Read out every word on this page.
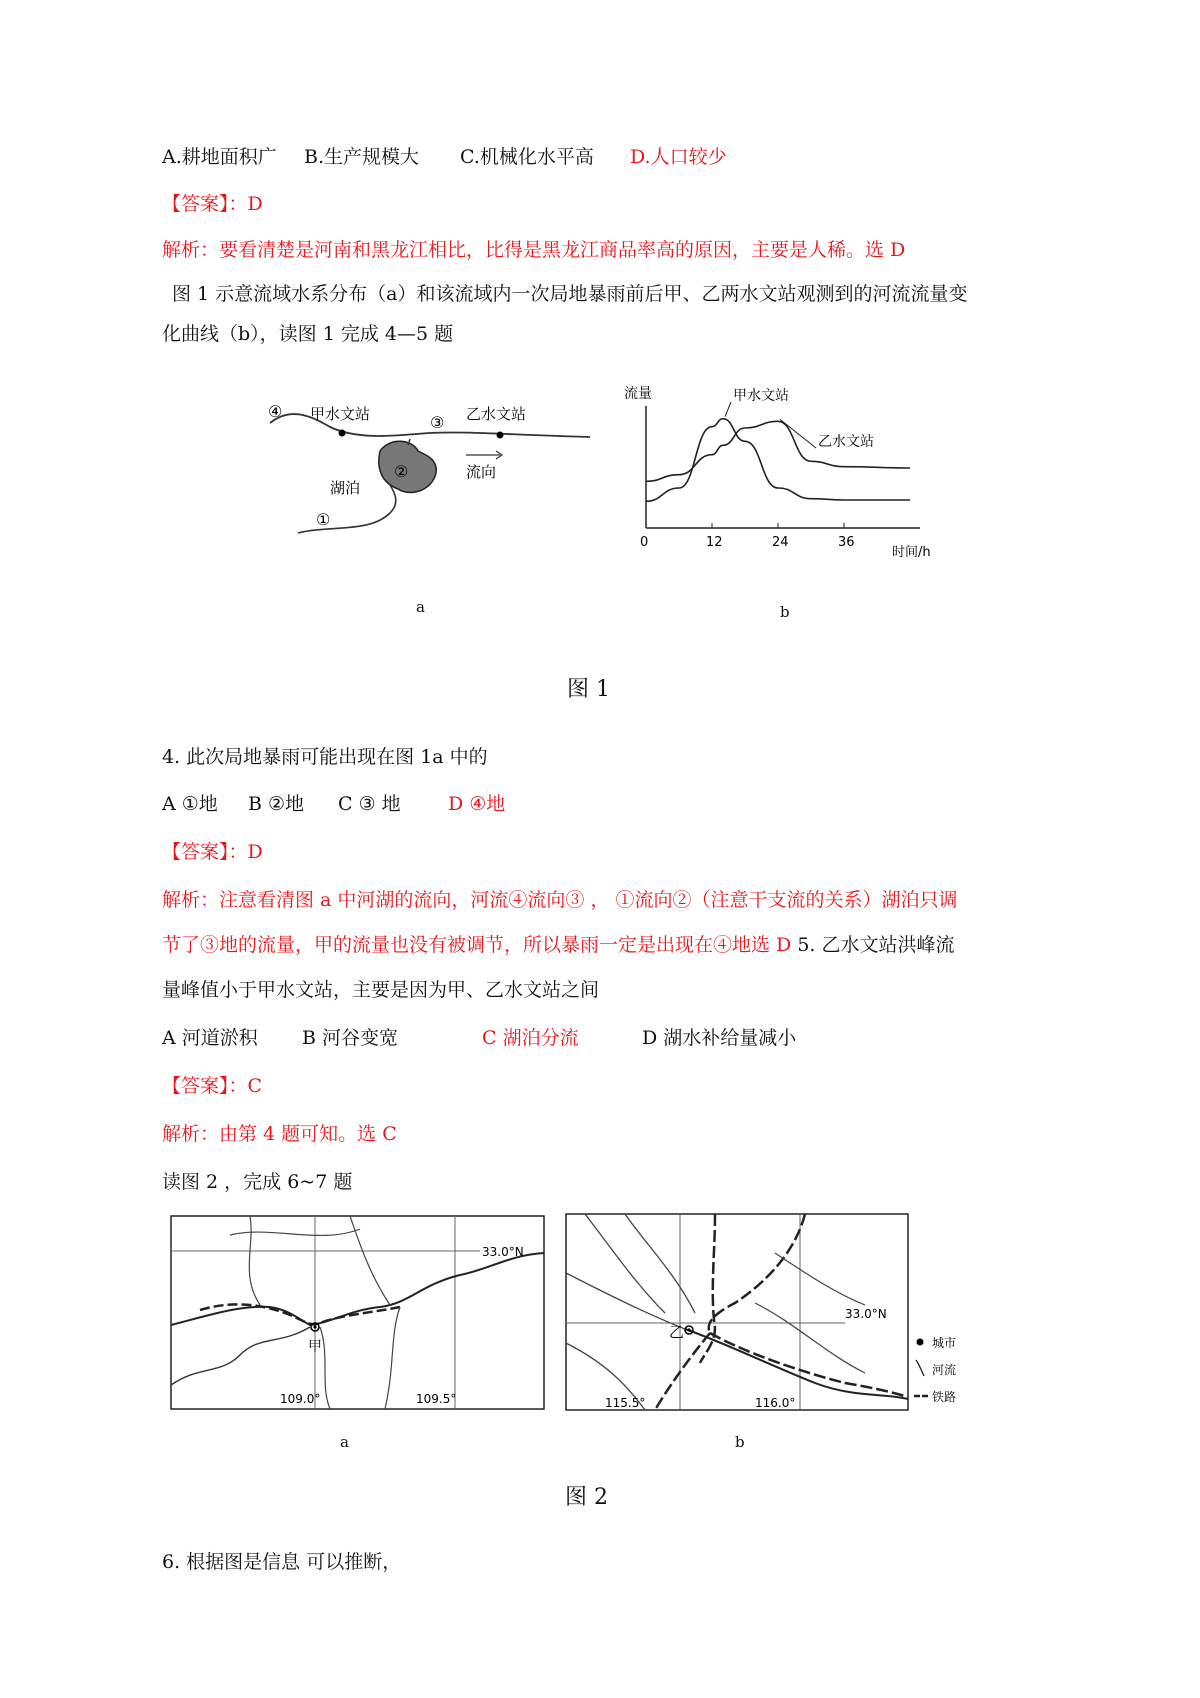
A.耕地面积广 B.生产规模大 C.机械化水平高 D.人口较少
【答案】：D
解析：要看清楚是河南和黑龙江相比，比得是黑龙江商品率高的原因，主要是人稀。选 D
图 1 示意流域水系分布（a）和该流域内一次局地暴雨前后甲、乙两水文站观测到的河流流量变
化曲线（b），读图 1 完成 4—5 题
④
③
②
①
甲水文站	乙水文站
湖泊
流向
a
流量
时间/h
0	12	24	36
甲水文站
乙水文站
b
图 1
4. 此次局地暴雨可能出现在图 1a 中的
A ①地 B ②地 C ③ 地 D ④地
【答案】：D
解析：注意看清图 a 中河湖的流向，河流④流向③ ， ①流向②（注意干支流的关系）湖泊只调
节了③地的流量，甲的流量也没有被调节，所以暴雨一定是出现在④地选 D 5. 乙水文站洪峰流
量峰值小于甲水文站，主要是因为甲、乙水文站之间
A 河道淤积 B 河谷变宽	C 湖泊分流	D 湖水补给量减小
【答案】：C
解析：由第 4 题可知。选 C
读图 2 ，完成 6~7 题
33.0°N
甲
109.0°	109.5°
a
33.0°N
乙
115.5°	116.0°
城市
河流
铁路
b
图 2
6. 根据图是信息 可以推断，
